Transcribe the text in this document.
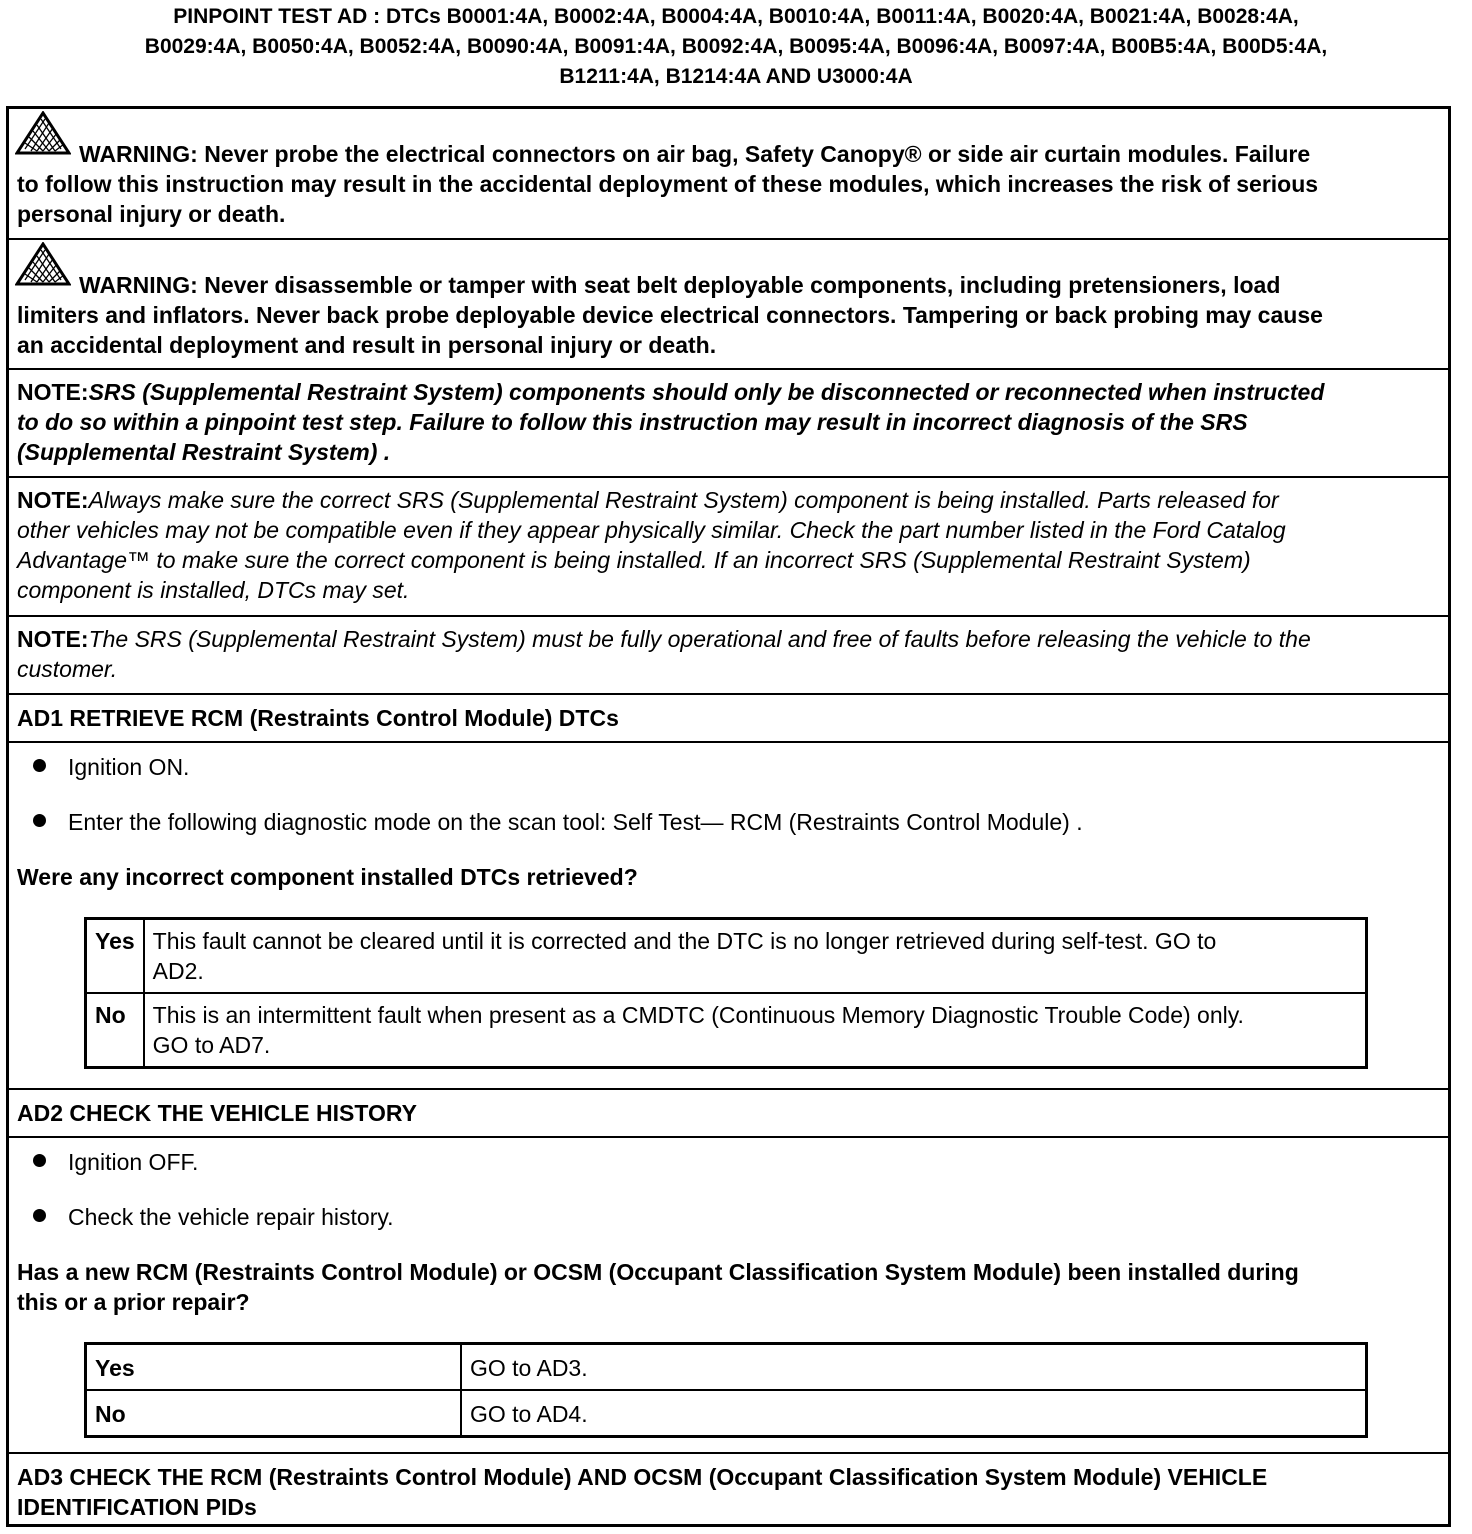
PINPOINT TEST AD : DTCs B0001:4A, B0002:4A, B0004:4A, B0010:4A, B0011:4A, B0020:4A, B0021:4A, B0028:4A,
B0029:4A, B0050:4A, B0052:4A, B0090:4A, B0091:4A, B0092:4A, B0095:4A, B0096:4A, B0097:4A, B00B5:4A, B00D5:4A,
B1211:4A, B1214:4A AND U3000:4A
WARNING: Never probe the electrical connectors on air bag, Safety Canopy® or side air curtain modules. Failure
to follow this instruction may result in the accidental deployment of these modules, which increases the risk of serious
personal injury or death.
WARNING: Never disassemble or tamper with seat belt deployable components, including pretensioners, load
limiters and inflators. Never back probe deployable device electrical connectors. Tampering or back probing may cause
an accidental deployment and result in personal injury or death.
NOTE:SRS (Supplemental Restraint System) components should only be disconnected or reconnected when instructed
to do so within a pinpoint test step. Failure to follow this instruction may result in incorrect diagnosis of the SRS
(Supplemental Restraint System) .
NOTE:Always make sure the correct SRS (Supplemental Restraint System) component is being installed. Parts released for
other vehicles may not be compatible even if they appear physically similar. Check the part number listed in the Ford Catalog
Advantage™ to make sure the correct component is being installed. If an incorrect SRS (Supplemental Restraint System)
component is installed, DTCs may set.
NOTE:The SRS (Supplemental Restraint System) must be fully operational and free of faults before releasing the vehicle to the
customer.
AD1 RETRIEVE RCM (Restraints Control Module) DTCs
Ignition ON.
Enter the following diagnostic mode on the scan tool: Self Test— RCM (Restraints Control Module) .
Were any incorrect component installed DTCs retrieved?
Yes	This fault cannot be cleared until it is corrected and the DTC is no longer retrieved during self-test. GO to
AD2.

No	This is an intermittent fault when present as a CMDTC (Continuous Memory Diagnostic Trouble Code) only.
GO to AD7.
AD2 CHECK THE VEHICLE HISTORY
Ignition OFF.
Check the vehicle repair history.
Has a new RCM (Restraints Control Module) or OCSM (Occupant Classification System Module) been installed during
this or a prior repair?
Yes	GO to AD3.
No	GO to AD4.
AD3 CHECK THE RCM (Restraints Control Module) AND OCSM (Occupant Classification System Module) VEHICLE
IDENTIFICATION PIDs
